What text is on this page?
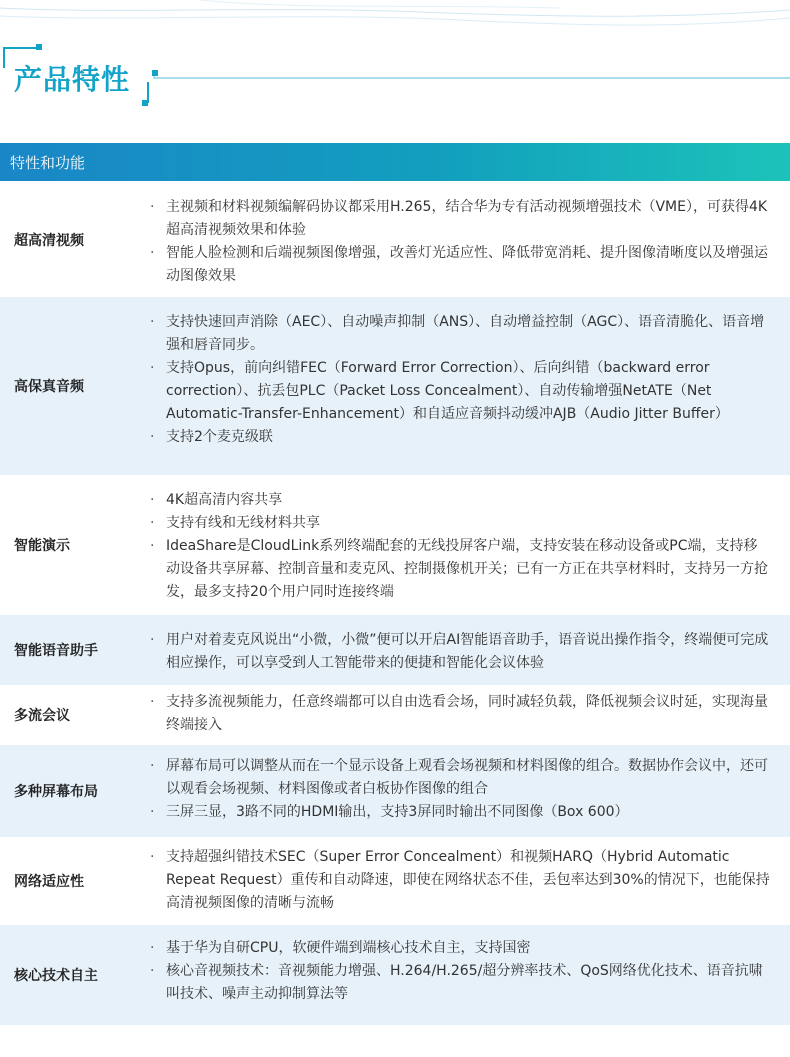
产品特性
特性和功能
超高清视频
· 主视频和材料视频编解码协议都采用H.265，结合华为专有活动视频增强技术（VME），可获得4K超高清视频效果和体验
· 智能人脸检测和后端视频图像增强，改善灯光适应性、降低带宽消耗、提升图像清晰度以及增强运动图像效果
高保真音频
· 支持快速回声消除（AEC）、自动噪声抑制（ANS）、自动增益控制（AGC）、语音清脆化、语音增强和唇音同步。
· 支持Opus，前向纠错FEC（Forward Error Correction）、后向纠错（backward error correction）、抗丢包PLC（Packet Loss Concealment）、自动传输增强NetATE（Net Automatic-Transfer-Enhancement）和自适应音频抖动缓冲AJB（Audio Jitter Buffer）
· 支持2个麦克级联
智能演示
· 4K超高清内容共享
· 支持有线和无线材料共享
· IdeaShare是CloudLink系列终端配套的无线投屏客户端，支持安装在移动设备或PC端，支持移动设备共享屏幕、控制音量和麦克风、控制摄像机开关；已有一方正在共享材料时，支持另一方抢发，最多支持20个用户同时连接终端
智能语音助手
· 用户对着麦克风说出“小微，小微”便可以开启AI智能语音助手，语音说出操作指令，终端便可完成相应操作，可以享受到人工智能带来的便捷和智能化会议体验
多流会议
· 支持多流视频能力，任意终端都可以自由选看会场，同时减轻负载，降低视频会议时延，实现海量终端接入
多种屏幕布局
· 屏幕布局可以调整从而在一个显示设备上观看会场视频和材料图像的组合。数据协作会议中，还可以观看会场视频、材料图像或者白板协作图像的组合
· 三屏三显，3路不同的HDMI输出，支持3屏同时输出不同图像（Box 600）
网络适应性
· 支持超强纠错技术SEC（Super Error Concealment）和视频HARQ（Hybrid Automatic Repeat Request）重传和自动降速，即使在网络状态不佳，丢包率达到30%的情况下，也能保持高清视频图像的清晰与流畅
核心技术自主
· 基于华为自研CPU，软硬件端到端核心技术自主，支持国密
· 核心音视频技术：音视频能力增强、H.264/H.265/超分辨率技术、QoS网络优化技术、语音抗啸叫技术、噪声主动抑制算法等
